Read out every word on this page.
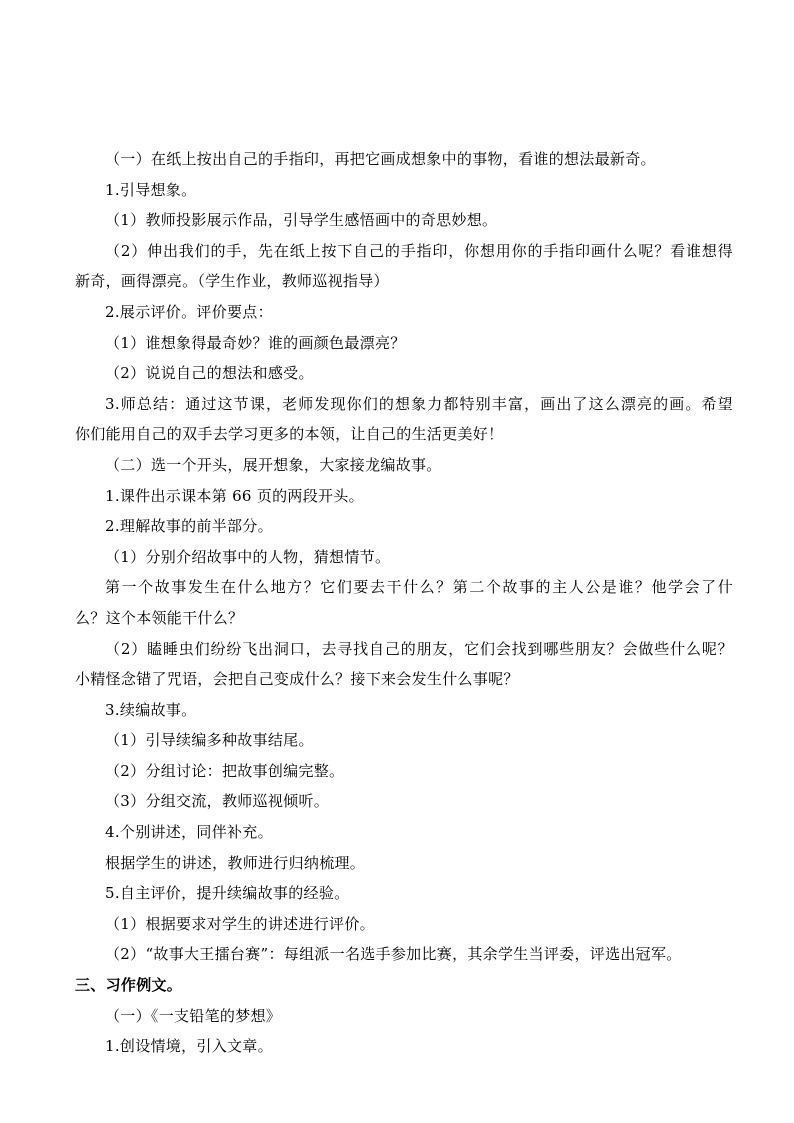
（一）在纸上按出自己的手指印，再把它画成想象中的事物，看谁的想法最新奇。
1.引导想象。
（1）教师投影展示作品，引导学生感悟画中的奇思妙想。
（2）伸出我们的手，先在纸上按下自己的手指印，你想用你的手指印画什么呢？看谁想得
新奇，画得漂亮。（学生作业，教师巡视指导）
2.展示评价。评价要点：
（1）谁想象得最奇妙？谁的画颜色最漂亮？
（2）说说自己的想法和感受。
3.师总结：通过这节课，老师发现你们的想象力都特别丰富，画出了这么漂亮的画。希望
你们能用自己的双手去学习更多的本领，让自己的生活更美好！
（二）选一个开头，展开想象，大家接龙编故事。
1.课件出示课本第 66 页的两段开头。
2.理解故事的前半部分。
（1）分别介绍故事中的人物，猜想情节。
第一个故事发生在什么地方？它们要去干什么？第二个故事的主人公是谁？他学会了什
么？这个本领能干什么？
（2）瞌睡虫们纷纷飞出洞口，去寻找自己的朋友，它们会找到哪些朋友？会做些什么呢？
小精怪念错了咒语，会把自己变成什么？接下来会发生什么事呢？
3.续编故事。
（1）引导续编多种故事结尾。
（2）分组讨论：把故事创编完整。
（3）分组交流，教师巡视倾听。
4.个别讲述，同伴补充。
根据学生的讲述，教师进行归纳梳理。
5.自主评价，提升续编故事的经验。
（1）根据要求对学生的讲述进行评价。
（2）“故事大王擂台赛”：每组派一名选手参加比赛，其余学生当评委，评选出冠军。
三、习作例文。
（一）《一支铅笔的梦想》
1.创设情境，引入文章。
